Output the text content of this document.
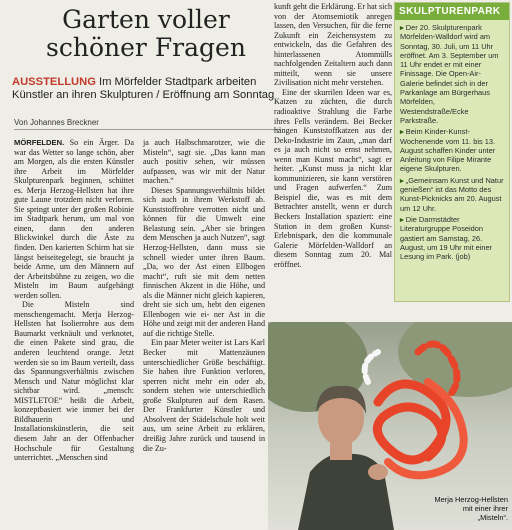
Garten voller
schöner Fragen
AUSSTELLUNG Im Mörfelder Stadtpark arbeiten Künstler an ihren Skulpturen / Eröffnung am Sonntag
Von Johannes Breckner

MÖRFELDEN. So ein Ärger. Da war das Wetter so lange schön, aber am Morgen, als die ersten Künstler ihre Arbeit im Mörfelder Skulpturenpark beginnen, schüttet es. Merja Herzog-Hellsten hat ihre gute Laune trotzdem nicht verloren. Sie springt unter der großen Robinie im Stadtpark herum, um mal von einen, dann den anderen Blickwinkel durch die Äste zu finden. Den karierten Schirm hat sie längst beiseitegelegt, sie braucht ja beide Arme, um den Männern auf der Arbeitsbühne zu zeigen, wo die Misteln im Baum aufgehängt werden sollen.

Die Misteln sind menschengemacht. Merja Herzog-Hellsten hat Isolierrohre aus dem Baumarkt verknäult und verknotet, die einen Pakete sind grau, die anderen leuchtend orange. Jetzt werden sie so im Baum verteilt, dass das Spannungsverhältnis zwischen Mensch und Natur möglichst klar sichtbar wird. „mensch: MISTLETOE“ heißt die Arbeit, konzeptbasiert wie immer bei der Bildhauerin und Installationskünstlerin, die seit diesem Jahr an der Offenbacher Hochschule für Gestaltung unterrichtet. „Menschen sind

ja auch Halbschmarotzer, wie die Misteln“, sagt sie. „Das kann man auch positiv sehen, wir müssen aufpassen, was wir mit der Natur machen.“

Dieses Spannungsverhältnis bildet sich auch in ihrem Werkstoff ab. Kunststoffrohre verrotten nicht und können für die Umwelt eine Belastung sein. „Aber sie bringen dem Menschen ja auch Nutzen“, sagt Herzog-Hellsten, dann muss sie schnell wieder unter ihren Baum. „Da, wo der Ast einen Ellbogen macht“, ruft sie mit dem netten finnischen Akzent in die Höhe, und als die Männer nicht gleich kapieren, dreht sie sich um, hebt den eigenen Ellenbogen wie ei- ner Ast in die Höhe und zeigt mit der anderen Hand auf die richtige Stelle.

Ein paar Meter weiter ist Lars Karl Becker mit Mattenzäunen unterschiedlicher Größe beschäftigt. Sie haben ihre Funktion verloren, sperren nicht mehr ein oder ab, sondern stehen wie unterschiedlich große Skulpturen auf dem Rasen. Der Frankfurter Künstler und Absolvent der Städelschule holt weit aus, um seine Arbeit zu erklären, dreißig Jahre zurück und tausend in die Zu-

kunft geht die Erklärung. Er hat sich von der Atomsemiotik anregen lassen, den Versuchen, für die ferne Zukunft ein Zeichensystem zu entwickeln, das die Gefahren des hinterlassenen Atommülls nachfolgenden Zeitaltern auch dann mitteilt, wenn sie unsere Zivilisation nicht mehr verstehen.

Eine der skurrilen Ideen war es, Katzen zu züchten, die durch radioaktive Strahlung die Farbe ihres Fells verändern. Bei Becker hängen Kunststoffkatzen aus der Deko-Industrie im Zaun, „man darf es ja auch nicht so ernst nehmen, wenn man Kunst macht“, sagt er heiter. „Kunst muss ja nicht klar kommunizieren, sie kann verstören und Fragen aufwerfen.“ Zum Beispiel die, was es mit dem Betrachter anstellt, wenn er durch Beckers Installation spaziert: eine Station in dem großen Kunst-Erlebnispark, den die kommunale Galerie Mörfelden-Walldorf an diesem Sonntag zum 20. Mal eröffnet.

SKULPTURENPARK

▸ Der 20. Skulpturenpark Mörfelden-Walldorf wird am Sonntag, 30. Juli, um 11 Uhr eröffnet. Am 3. September um 11 Uhr endet er mit einer Finissage. Die Open-Air-Galerie befindet sich in der Parkanlage am Bürgerhaus Mörfelden, Westendstraße/Ecke Parkstraße.

▸ Beim Kinder-Kunst-Wochenende vom 11. bis 13. August schaffen Kinder unter Anleitung von Filipe Mirante eigene Skulpturen.

▸ „Gemeinsam Kunst und Natur genießen“ ist das Motto des Kunst-Picknicks am 20. August um 12 Uhr.

▸ Die Darmstädter Literaturgruppe Poseidon gastiert am Samstag, 26. August, um 19 Uhr mit einer Lesung im Park. (job)

Merja Herzog-Hellsten mit einer ihrer „Misteln“.
